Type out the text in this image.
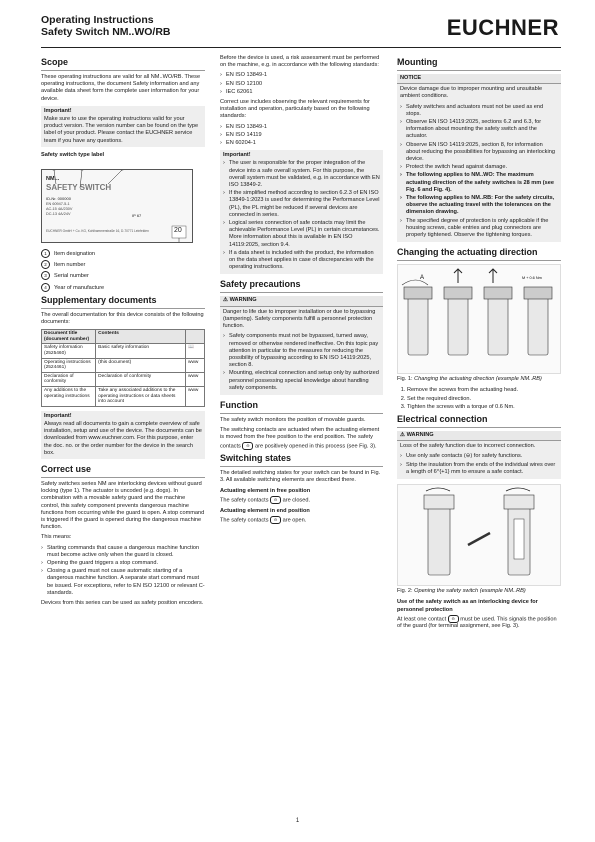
Operating Instructions
Safety Switch NM..WO/RB	EUCHNER
Scope

These operating instructions are valid for all NM..WO/RB. These operating instructions, the document Safety information and any available data sheet form the complete user information for your device.

Important!
Make sure to use the operating instructions valid for your product version. The version number can be found on the type label of your product. Please contact the EUCHNER service team if you have any questions.
Safety switch type label
NM...
SAFETY SWITCH
ID-Nr. 000000
EN 60947-5-1
AC-15 4A/230V
DC-13 4A/24V	IP 67
EUCHNER GmbH + Co. KG, Kohlhammerstraße 16, D-70771 Leinfelden	20
1 Item designation
2 Item number
3 Serial number
4 Year of manufacture
Supplementary documents

The overall documentation for this device consists of the following documents:

Document title (document number)	Contents	
Safety information (2525460)	Basic safety information	📖
Operating instructions (2524461)	(this document)	www
Declaration of conformity	Declaration of conformity	www
Any additions to the operating instructions	Take any associated additions to the operating instructions or data sheets into account	www
Important!
Always read all documents to gain a complete overview of safe installation, setup and use of the device. The documents can be downloaded from www.euchner.com. For this purpose, enter the doc. no. or the order number for the device in the search box.
Correct use

Safety switches series NM are interlocking devices without guard locking (type 1). The actuator is uncoded (e.g. dogs). In combination with a movable safety guard and the machine control, this safety component prevents dangerous machine functions from occurring while the guard is open. A stop command is triggered if the guard is opened during the dangerous machine function.

This means:

› Starting commands that cause a dangerous machine function must become active only when the guard is closed.
› Opening the guard triggers a stop command.
› Closing a guard must not cause automatic starting of a dangerous machine function. A separate start command must be issued. For exceptions, refer to EN ISO 12100 or relevant C-standards.

Devices from this series can be used as safety position encoders.

Before the device is used, a risk assessment must be performed on the machine, e.g. in accordance with the following standards:

› EN ISO 13849-1
› EN ISO 12100
› IEC 62061

Correct use includes observing the relevant requirements for installation and operation, particularly based on the following standards:

› EN ISO 13849-1
› EN ISO 14119
› EN 60204-1
Important!
› The user is responsible for the proper integration of the device into a safe overall system. For this purpose, the overall system must be validated, e.g. in accordance with EN ISO 13849-2.
› If the simplified method according to section 6.2.3 of EN ISO 13849-1:2023 is used for determining the Performance Level (PL), the PL might be reduced if several devices are connected in series.
› Logical series connection of safe contacts may limit the achievable Performance Level (PL) in certain circumstances. More information about this is available in EN ISO 14119:2025, section 9.4.
› If a data sheet is included with the product, the information on the data sheet applies in case of discrepancies with the operating instructions.
Safety precautions
⚠ WARNING

Danger to life due to improper installation or due to bypassing (tampering). Safety components fulfill a personnel protection function.

› Safety components must not be bypassed, turned away, removed or otherwise rendered ineffective. On this topic pay attention in particular to the measures for reducing the possibility of bypassing according to EN ISO 14119:2025, section 8.
› Mounting, electrical connection and setup only by authorized personnel possessing special knowledge about handling safety components.
Function

The safety switch monitors the position of movable guards.

The switching contacts are actuated when the actuating element is moved from the free position to the end position. The safety contacts ⊖ are positively opened in this process (see Fig. 3).

Switching states

The detailed switching states for your switch can be found in Fig. 3. All available switching elements are described there.

Actuating element in free position

The safety contacts ⊖ are closed.

Actuating element in end position

The safety contacts ⊖ are open.

Mounting
NOTICE

Device damage due to improper mounting and unsuitable ambient conditions.

› Safety switches and actuators must not be used as end stops.
› Observe EN ISO 14119:2025, sections 6.2 and 6.3, for information about mounting the safety switch and the actuator.
› Observe EN ISO 14119:2025, section 8, for information about reducing the possibilities for bypassing an interlocking device.
› Protect the switch head against damage.
› The following applies to NM..WO: The maximum actuating direction of the safety switches is 28 mm (see Fig. 6 and Fig. 4).
› The following applies to NM..RB: For the safety circuits, observe the actuating travel with the tolerances on the dimension drawing.
› The specified degree of protection is only applicable if the housing screws, cable entries and plug connectors are properly tightened. Observe the tightening torques.
Changing the actuating direction
A	M + 0.6 Nm
Fig. 1: Changing the actuating direction (example NM..RB)
1. Remove the screws from the actuating head.
2. Set the required direction.
3. Tighten the screws with a torque of 0.6 Nm.
Electrical connection
⚠ WARNING

Loss of the safety function due to incorrect connection.

› Use only safe contacts (⊖) for safety functions.
› Strip the insulation from the ends of the individual wires over a length of 6^{+1} mm to ensure a safe contact.
Fig. 2: Opening the safety switch (example NM..RB)
Use of the safety switch as an interlocking device for personnel protection

At least one contact ⊖ must be used. This signals the position of the guard (for terminal assignment, see Fig. 3).

1
